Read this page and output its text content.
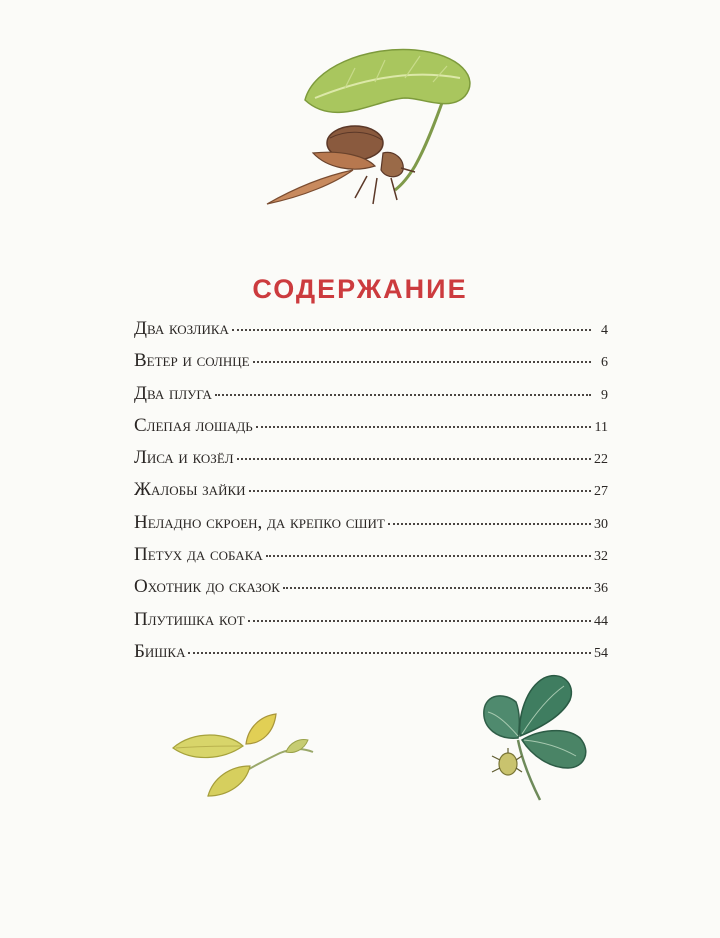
СОДЕРЖАНИЕ
Два козлика	4
Ветер и солнце	6
Два плуга	9
Слепая лошадь	11
Лиса и козёл	22
Жалобы зайки	27
Неладно скроен, да крепко сшит	30
Петух да собака	32
Охотник до сказок	36
Плутишка кот	44
Бишка	54
